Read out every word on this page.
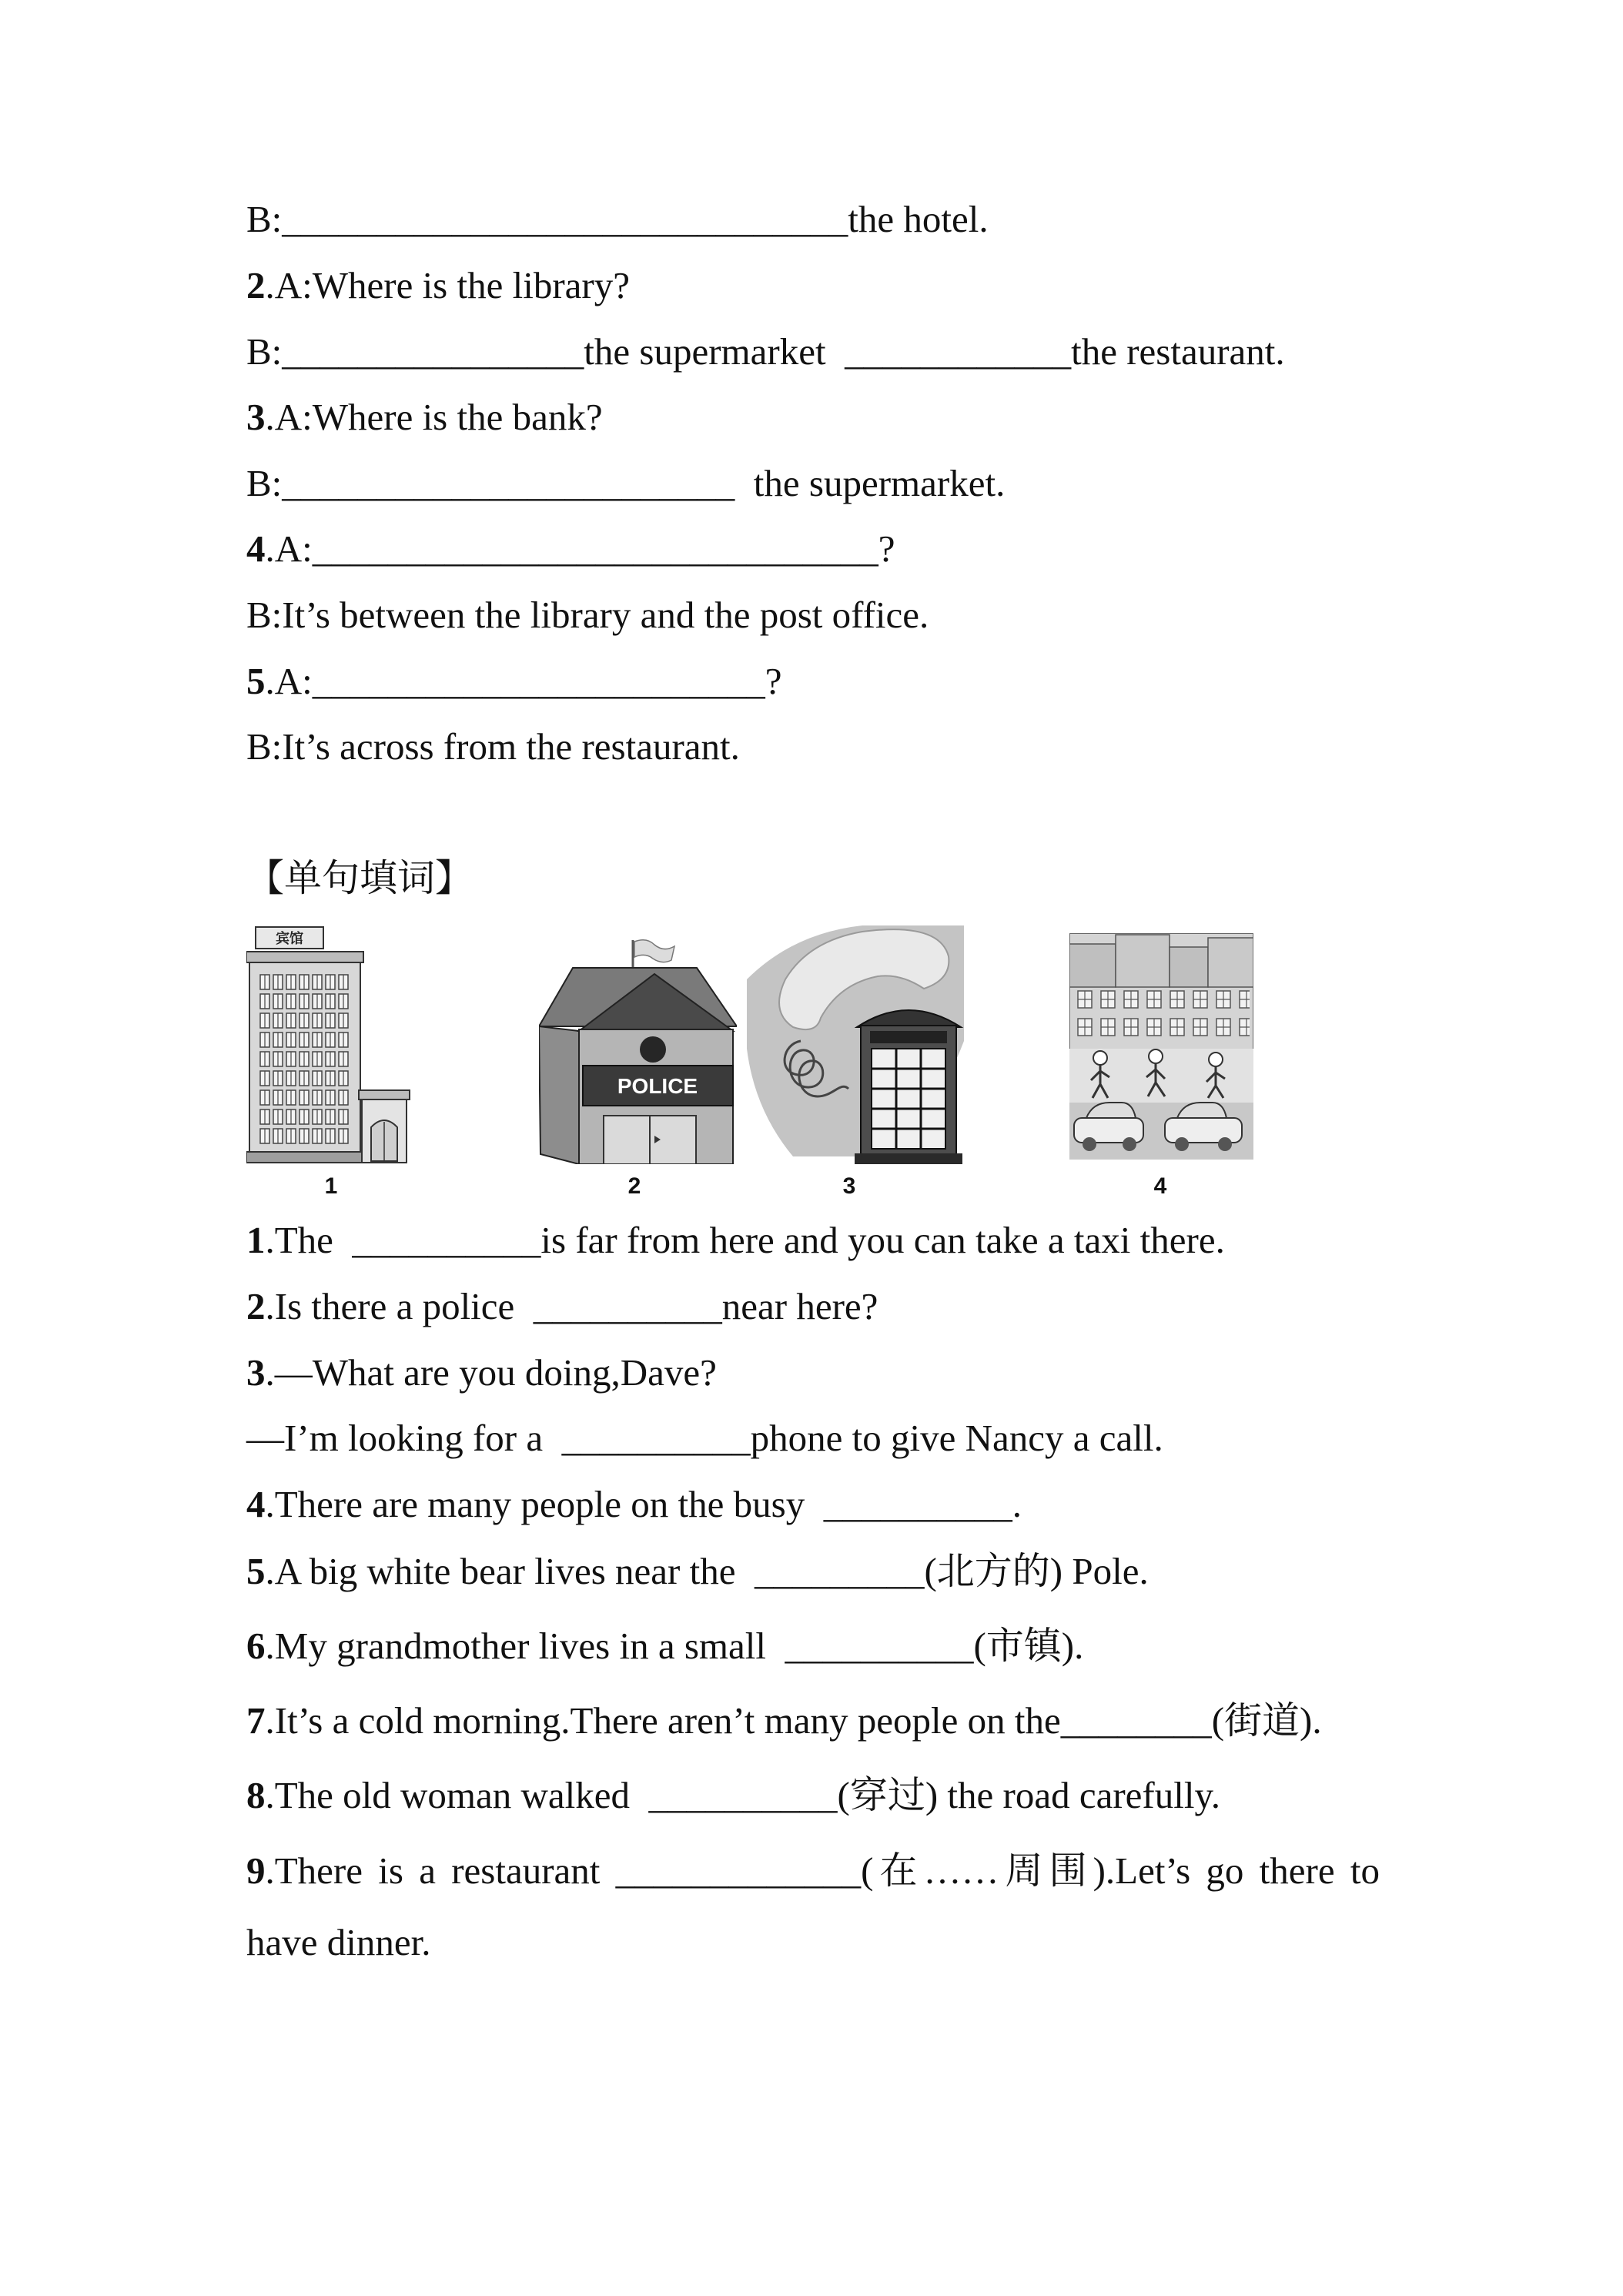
B:______________________________the hotel.
2.A:Where is the library?
B:________________the supermarket  ____________the restaurant.
3.A:Where is the bank?
B:________________________  the supermarket.
4.A:______________________________?
B:It’s between the library and the post office.
5.A:________________________?
B:It’s across from the restaurant.
【单句填词】
宾馆
1
POLICE
2	3	4
1.The  __________is far from here and you can take a taxi there.
2.Is there a police  __________near here?
3.—What are you doing,Dave?
—I’m looking for a  __________phone to give Nancy a call.
4.There are many people on the busy  __________.
5.A big white bear lives near the  _________(北方的) Pole.
6.My grandmother lives in a small  __________(市镇).
7.It’s a cold morning.There aren’t many people on the________(街道).
8.The old woman walked  __________(穿过) the road carefully.
9.There is a restaurant _____________(在……周围).Let’s go there to
have dinner.
